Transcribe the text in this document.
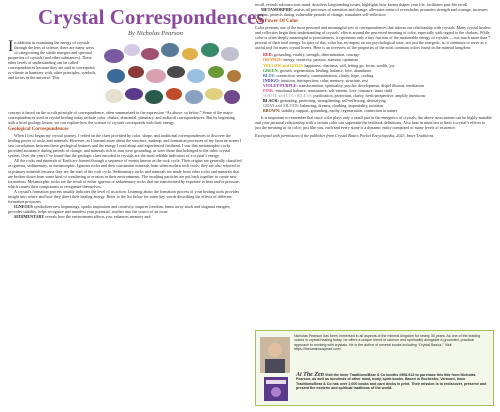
Crystal Correspondences
By Nicholas Pearson
In addition to examining the energy of crystals through the lens of science, there are many ways of categorizing the subtle energies and spiritual properties of crystals (and other substances). These other levels of understanding can be called correspondences because they are said to correspond, or vibrate in harmony with, other principles, symbols, and forces in the universe. This

concept is based on the occult principle of correspondence, often summarized in the expression “As above, so below.” Some of the major correspondences used in crystal healing today include color, chakra, elemental, planetary, and zodiacal correspondences. But by beginning with a brief geology lesson, we can explore how the science of crystals corresponds with their energy.

Geological Correspondences

When I first began my crystal journey, I relied on the clues provided by color, shape, and traditional correspondences to discover the healing power of rocks and minerals. However, as I learned more about the structure, makeup, and formation processes of my favorite stones I saw correlations between these geological features and the energy I read about and experienced firsthand. I saw that metamorphic rocks provided assistance during periods of change, and minerals rich in iron were grounding, as were those that belonged to the cubic crystal system. Over the years I’ve found that the geologic clues encoded in crystals are the most reliable indicators of a crystal’s energy.

All the rocks and minerals of Earth are formed through a sequence of events known as the rock cycle. Their origins are generally classified as igneous, sedimentary, or metamorphic. Igneous rocks and their constituent minerals form when molten rock cools; they are also referred to as primary minerals because they are the start of the rock cycle. Sedimentary rocks and minerals are made from other rocks and minerals that are broken down from some kind of weathering or erosion in their environments. The resulting particles are put back together to create new formations. Metamorphic rocks are the result of either igneous or sedimentary rocks that are transformed by exposure to heat and/or pressure, which causes their components to reorganize themselves.

A crystal’s formation process usually indicates the level of its action. Learning about the formation process of your healing tools provides insight into where and how they direct their healing energy. Refer to the list below for some key words describing the effects of different formation processes.

IGNEOUS symbolizes new beginnings, sparks inspiration and creativity, inspires freedom, burns away stuck and stagnant energies, provides stability, helps recognize and manifest your potential, reaches into the source of an issue

SEDIMENTARY reveals how the environment affects you, enhances memory and

recall, reveals subconscious mind, dissolves longstanding issues, highlights how karma shapes your life, facilitates past-life recall

METAMORPHIC assists all processes of transition and change, alleviates sense of overwhelm, promotes strength and courage, increases stamina, protects during vulnerable periods of change, stimulates self-reflection

The Power Of Color

Color presents one of the most personal and meaningful sets of correspondences that inform our relationship with crystals. Many crystal healers and collectors begin their understanding of crystals’ effects around the perceived meaning of color, especially with regard to the chakras. While color is often deeply meaningful to practitioners, it represents only a tiny fraction of the measurable energy of crystals — not much more than 7 percent of their total energy. In spite of this, color has an impact on our psychological state, not just the energetic, so it continues to serve as a useful tool for many crystal lovers. Here is an overview of the properties of the most common colors found in the mineral kingdom:

RED: grounding, vitality, strength, determination, courage
ORANGE: energy, creativity, passion, stamina, optimism
YELLOW and GOLD: happiness, charisma, will, letting go, focus, wealth, joy
GREEN: growth, regeneration, healing, balance, love, abundance
BLUE: connection, serenity, communication, clarity, hope, cooling
INDIGO: intuition, introspection, calm, memory, structure, rest
VIOLET/PURPLE: transformation, spirituality, psychic development, dispel illusion, meditation
PINK: emotional balance, reassurance, self-esteem, love, romance, inner child
WHITE and COLORLESS: purification, protection, clarity, fresh perspective, amplify intentions
BLACK: grounding, protecting, strengthening, self-reflecting, detoxifying
GRAY and SILVER: balancing, dreams, cloaking, impartiality, intuition
BROWN: stability, support, grounding, earthy, regeneration, connection to nature

It is important to remember that since color plays only a small part in the energetics of crystals, the above associations can be highly mutable and your personal relationship with a certain color can supersede the textbook definitions. Also bear in mind not to limit a crystal’s effects to just the meaning of its color; just like you, each and every stone is a dynamic entity composed of many levels of existence.

Excerpted with permission of the publisher from Crystal Basics Pocket Encyclopedia, 2023, Inner Traditions.

Nicholas Pearson has been immersed in all aspects of the mineral kingdom for nearly 30 years. As one of the leading voices in crystal healing today, he offers a unique blend of science and spirituality alongside a grounded, practical approach to working with crystals. He is the author of several books including “Crystal Basics.” Visit https://theluminouspearl.com/
At The Zen Visit the Inner Traditions/Bear & Co booths #908-913 to purchase this title from Nicholas Pearson, as well as hundreds of other mind, body, spirit books. Based in Rochester, Vermont, Inner Traditions/Bear & Co has over 2,000 books and card decks in print. Their mission is to rediscover, preserve and present the esoteric and spiritual traditions of the world.
